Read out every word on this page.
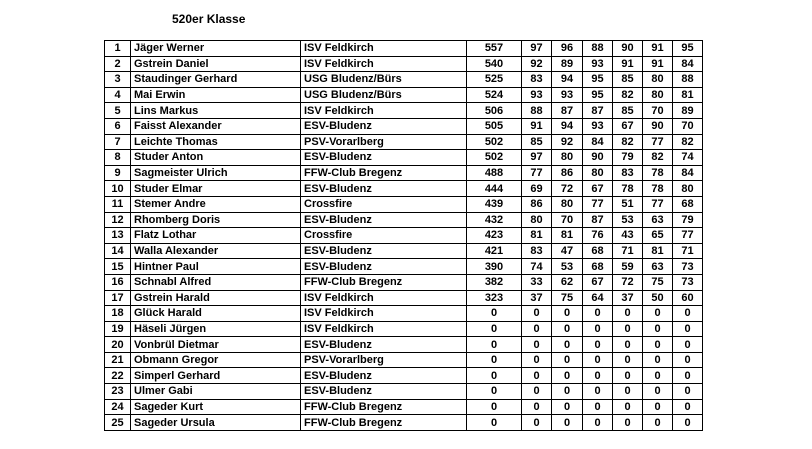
520er Klasse
1	Jäger Werner	ISV Feldkirch	557	97	96	88	90	91	95
2	Gstrein Daniel	ISV Feldkirch	540	92	89	93	91	91	84
3	Staudinger Gerhard	USG Bludenz/Bürs	525	83	94	95	85	80	88
4	Mai Erwin	USG Bludenz/Bürs	524	93	93	95	82	80	81
5	Lins Markus	ISV Feldkirch	506	88	87	87	85	70	89
6	Faisst Alexander	ESV-Bludenz	505	91	94	93	67	90	70
7	Leichte Thomas	PSV-Vorarlberg	502	85	92	84	82	77	82
8	Studer Anton	ESV-Bludenz	502	97	80	90	79	82	74
9	Sagmeister Ulrich	FFW-Club Bregenz	488	77	86	80	83	78	84
10	Studer Elmar	ESV-Bludenz	444	69	72	67	78	78	80
11	Stemer Andre	Crossfire	439	86	80	77	51	77	68
12	Rhomberg Doris	ESV-Bludenz	432	80	70	87	53	63	79
13	Flatz Lothar	Crossfire	423	81	81	76	43	65	77
14	Walla Alexander	ESV-Bludenz	421	83	47	68	71	81	71
15	Hintner Paul	ESV-Bludenz	390	74	53	68	59	63	73
16	Schnabl Alfred	FFW-Club Bregenz	382	33	62	67	72	75	73
17	Gstrein Harald	ISV Feldkirch	323	37	75	64	37	50	60
18	Glück Harald	ISV Feldkirch	0	0	0	0	0	0	0
19	Häseli Jürgen	ISV Feldkirch	0	0	0	0	0	0	0
20	Vonbrül Dietmar	ESV-Bludenz	0	0	0	0	0	0	0
21	Obmann Gregor	PSV-Vorarlberg	0	0	0	0	0	0	0
22	Simperl Gerhard	ESV-Bludenz	0	0	0	0	0	0	0
23	Ulmer Gabi	ESV-Bludenz	0	0	0	0	0	0	0
24	Sageder Kurt	FFW-Club Bregenz	0	0	0	0	0	0	0
25	Sageder Ursula	FFW-Club Bregenz	0	0	0	0	0	0	0
